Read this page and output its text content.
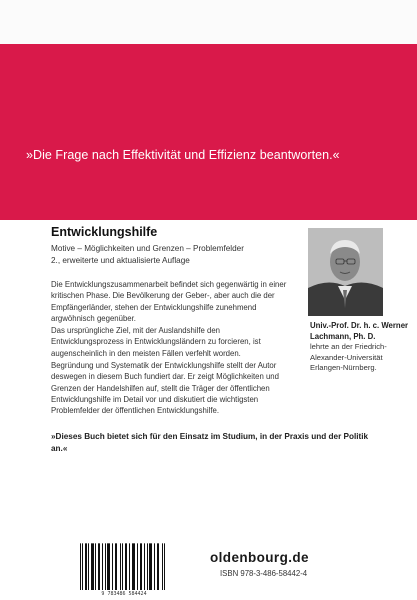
»Die Frage nach Effektivität und Effizienz beantworten.«

Entwicklungshilfe

Motive – Möglichkeiten und Grenzen – Problemfelder
2., erweiterte und aktualisierte Auflage

Die Entwicklungszusammenarbeit befindet sich gegenwärtig in einer kritischen Phase. Die Bevölkerung der Geber-, aber auch die der Empfängerländer, stehen der Entwicklungshilfe zunehmend argwöhnisch gegenüber.

Das ursprüngliche Ziel, mit der Auslandshilfe den Entwicklungsprozess in Entwicklungsländern zu forcieren, ist augenscheinlich in den meisten Fällen verfehlt worden.

Begründung und Systematik der Entwicklungshilfe stellt der Autor deswegen in diesem Buch fundiert dar. Er zeigt Möglichkeiten und Grenzen der Handelshilfen auf, stellt die Träger der öffentlichen Entwicklungshilfe im Detail vor und diskutiert die wichtigsten Problemfelder der öffentlichen Entwicklungshilfe.

»Dieses Buch bietet sich für den Einsatz im Studium, in der Praxis und der Politik an.«

Univ.-Prof. Dr. h. c. Werner Lachmann, Ph. D.

lehrte an der Friedrich-Alexander-Universität Erlangen-Nürnberg.

9 783486 584424
oldenbourg.de
ISBN 978-3-486-58442-4
